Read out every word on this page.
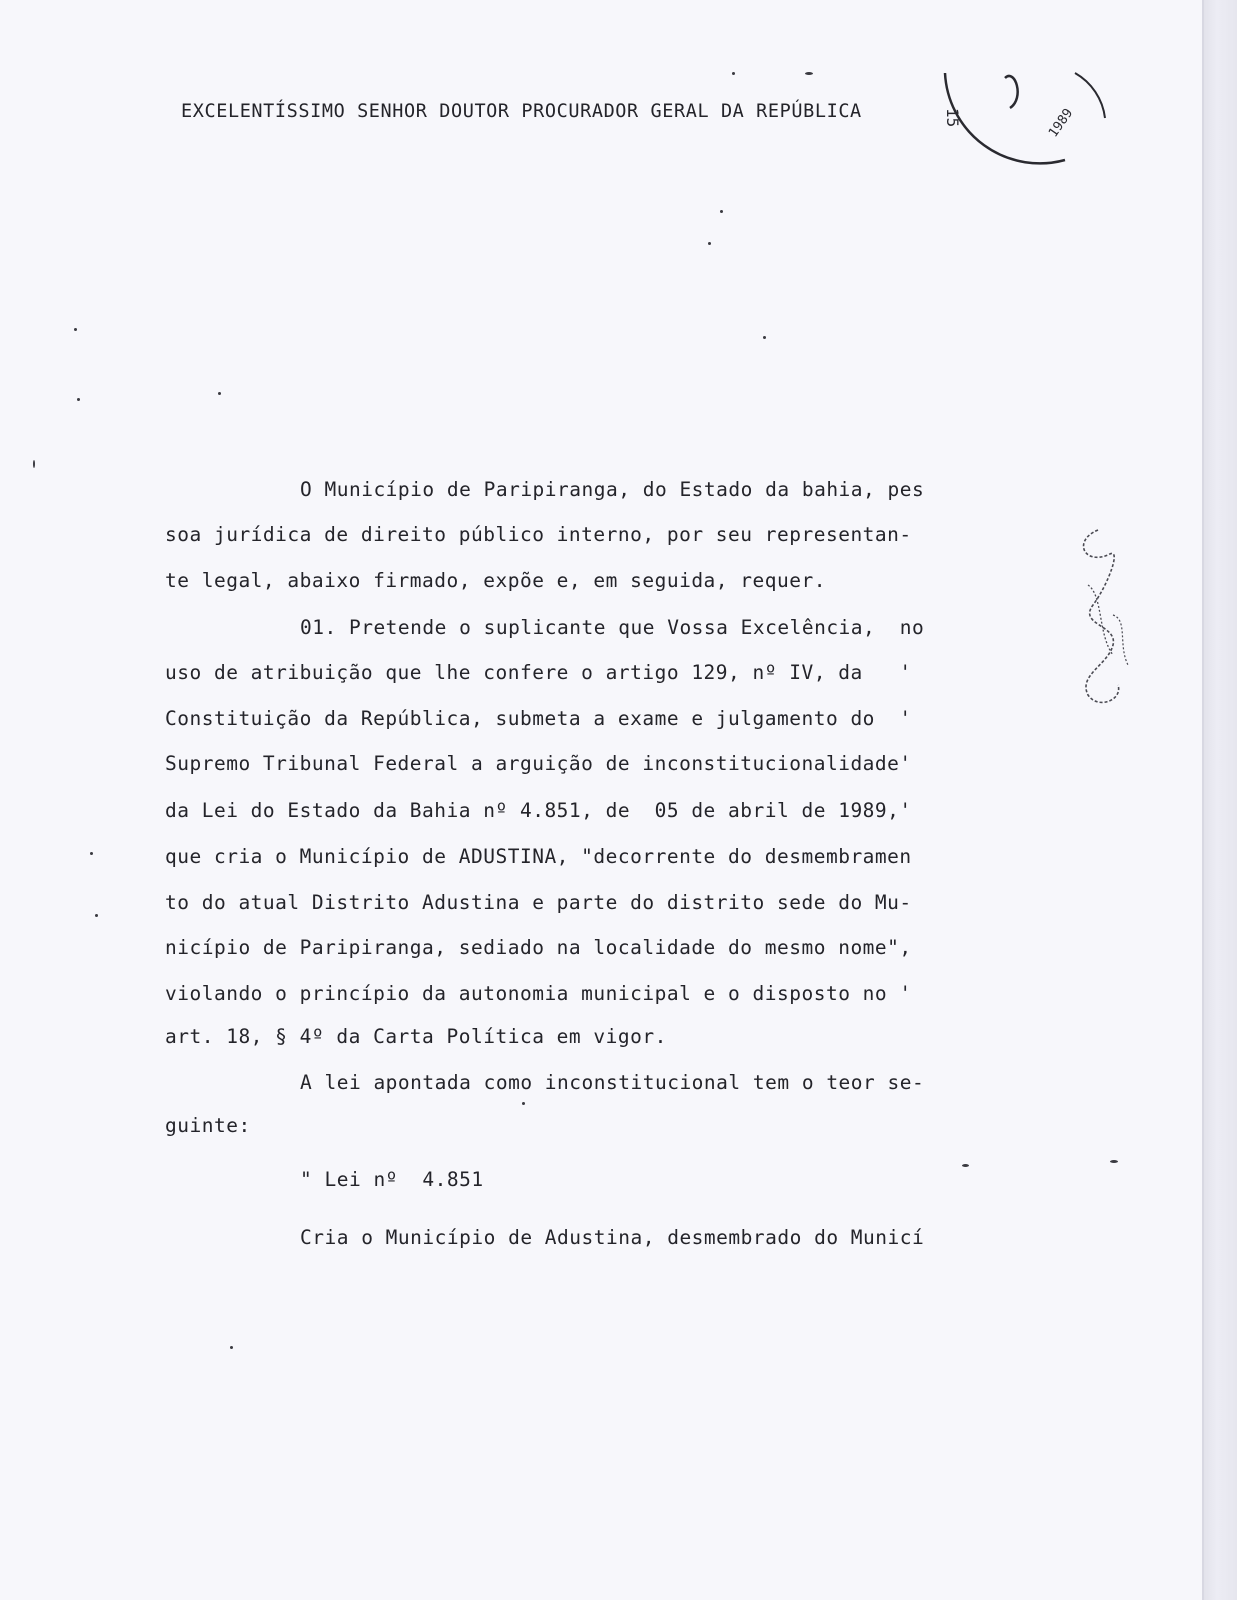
EXCELENTÍSSIMO SENHOR DOUTOR PROCURADOR GERAL DA REPÚBLICA
O Município de Paripiranga, do Estado da bahia, pes
soa jurídica de direito público interno, por seu representan-
te legal, abaixo firmado, expõe e, em seguida, requer.
01. Pretende o suplicante que Vossa Excelência,  no
uso de atribuição que lhe confere o artigo 129, nº IV, da   '
Constituição da República, submeta a exame e julgamento do  '
Supremo Tribunal Federal a arguição de inconstitucionalidade'
da Lei do Estado da Bahia nº 4.851, de  05 de abril de 1989,'
que cria o Município de ADUSTINA, "decorrente do desmembramen
to do atual Distrito Adustina e parte do distrito sede do Mu-
nicípio de Paripiranga, sediado na localidade do mesmo nome",
violando o princípio da autonomia municipal e o disposto no '
art. 18, § 4º da Carta Política em vigor.
A lei apontada como inconstitucional tem o teor se-
guinte:
" Lei nº  4.851
Cria o Município de Adustina, desmembrado do Municí
15	1989
